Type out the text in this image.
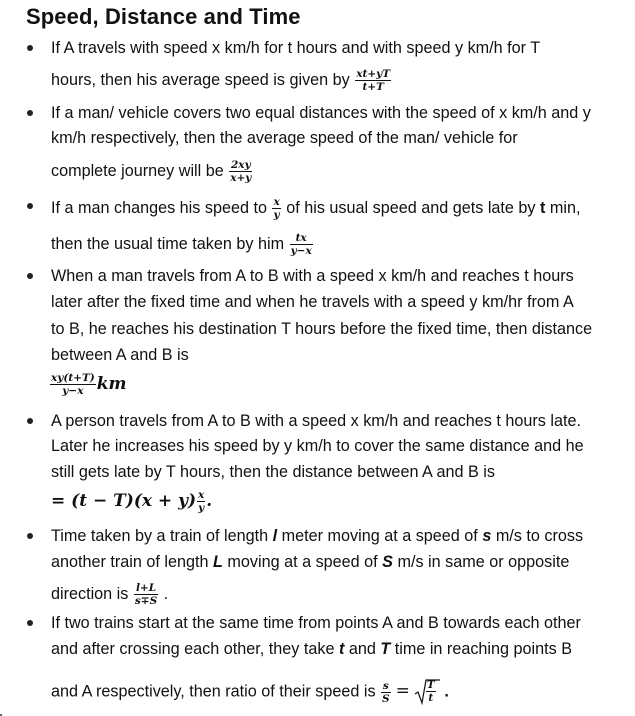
Speed, Distance and Time
If A travels with speed x km/h for t hours and with speed y km/h for T
hours, then his average speed is given by $\frac{xt+yT}{t+T}$
If a man/ vehicle covers two equal distances with the speed of x km/h and y
km/h respectively, then the average speed of the man/ vehicle for
complete journey will be $\frac{2xy}{x+y}$
If a man changes his speed to $\frac{x}{y}$ of his usual speed and gets late by t min,
then the usual time taken by him $\frac{tx}{y-x}$
When a man travels from A to B with a speed x km/h and reaches t hours
later after the fixed time and when he travels with a speed y km/hr from A
to B, he reaches his destination T hours before the fixed time, then distance
between A and B is
$\frac{xy(t+T)}{y-x}$ km
A person travels from A to B with a speed x km/h and reaches t hours late.
Later he increases his speed by y km/h to cover the same distance and he
still gets late by T hours, then the distance between A and B is
= $(t - T)(x + y) \frac{x}{y}$ .
Time taken by a train of length l meter moving at a speed of s m/s to cross
another train of length L moving at a speed of S m/s in same or opposite
direction is $\frac{l+L}{s\mp S}$ .
If two trains start at the same time from points A and B towards each other
and after crossing each other, they take t and T time in reaching points B
and A respectively, then ratio of their speed is $\frac{s}{S} = \frac{T}{t}$ .
